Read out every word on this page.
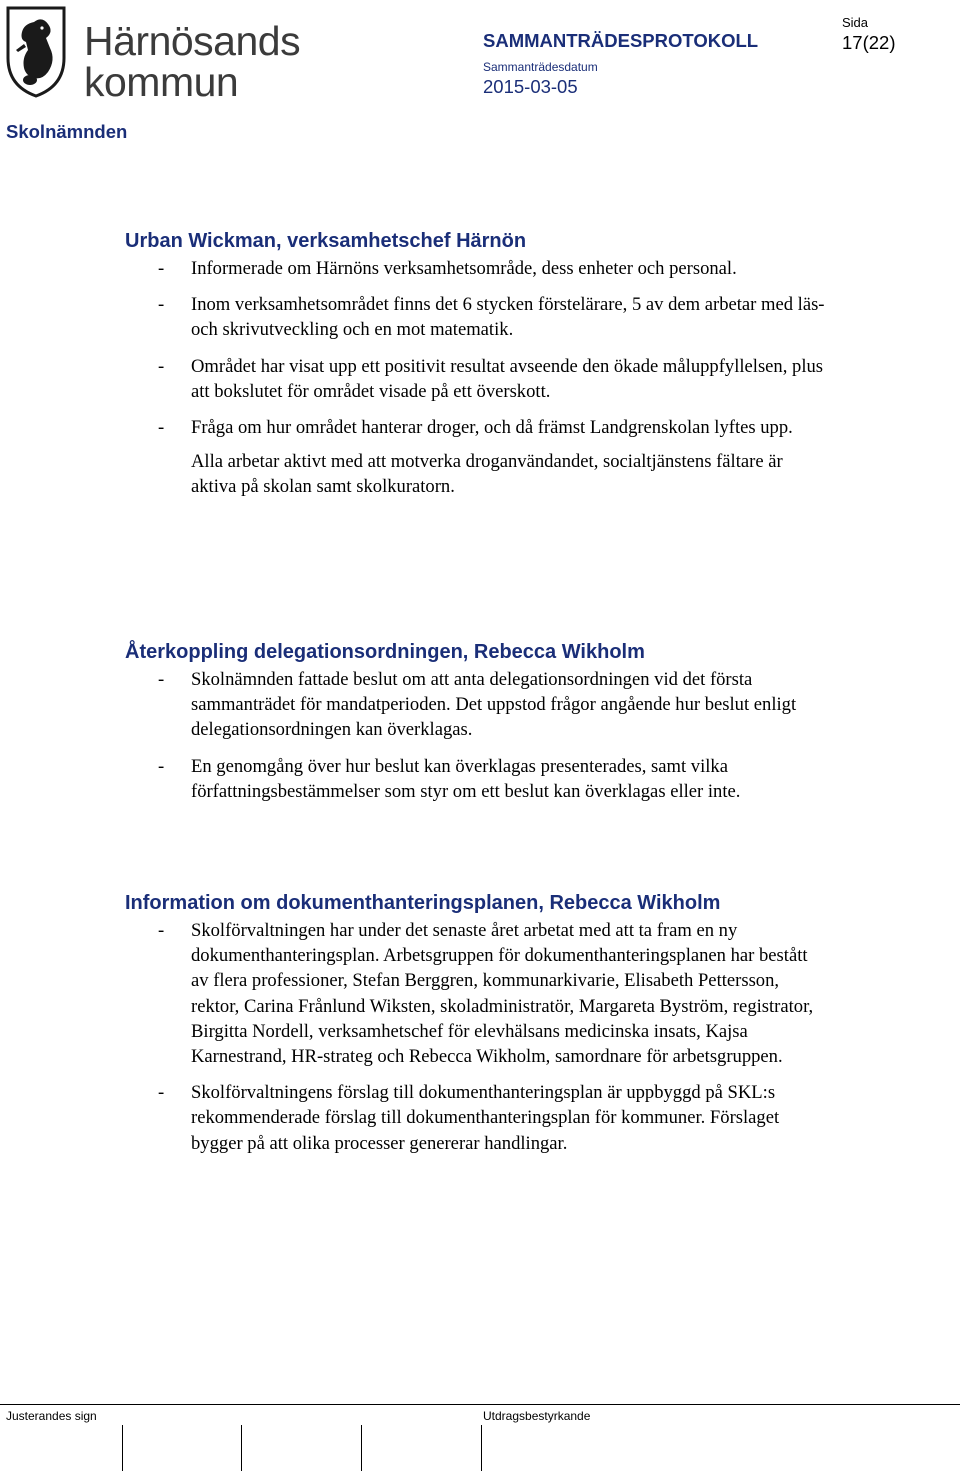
Härnösands
kommun
SAMMANTRÄDESPROTOKOLL
Sammanträdesdatum
2015-03-05
Sida
17(22)
Skolnämnden
Urban Wickman, verksamhetschef Härnön
- Informerade om Härnöns verksamhetsområde, dess enheter och personal.
- Inom verksamhetsområdet finns det 6 stycken förstelärare, 5 av dem arbetar med läs- och skrivutveckling och en mot matematik.
- Området har visat upp ett positivit resultat avseende den ökade måluppfyllelsen, plus att bokslutet för området visade på ett överskott.
- Fråga om hur området hanterar droger, och då främst Landgrenskolan lyftes upp.
Alla arbetar aktivt med att motverka droganvändandet, socialtjänstens fältare är aktiva på skolan samt skolkuratorn.
Återkoppling delegationsordningen, Rebecca Wikholm
- Skolnämnden fattade beslut om att anta delegationsordningen vid det första sammanträdet för mandatperioden. Det uppstod frågor angående hur beslut enligt delegationsordningen kan överklagas.
- En genomgång över hur beslut kan överklagas presenterades, samt vilka författningsbestämmelser som styr om ett beslut kan överklagas eller inte.
Information om dokumenthanteringsplanen, Rebecca Wikholm
- Skolförvaltningen har under det senaste året arbetat med att ta fram en ny dokumenthanteringsplan. Arbetsgruppen för dokumenthanteringsplanen har bestått av flera professioner, Stefan Berggren, kommunarkivarie, Elisabeth Pettersson, rektor, Carina Frånlund Wiksten, skoladministratör, Margareta Byström, registrator, Birgitta Nordell, verksamhetschef för elevhälsans medicinska insats, Kajsa Karnestrand, HR-strateg och Rebecca Wikholm, samordnare för arbetsgruppen.
- Skolförvaltningens förslag till dokumenthanteringsplan är uppbyggd på SKL:s rekommenderade förslag till dokumenthanteringsplan för kommuner. Förslaget bygger på att olika processer genererar handlingar.
Justerandes sign	Utdragsbestyrkande
